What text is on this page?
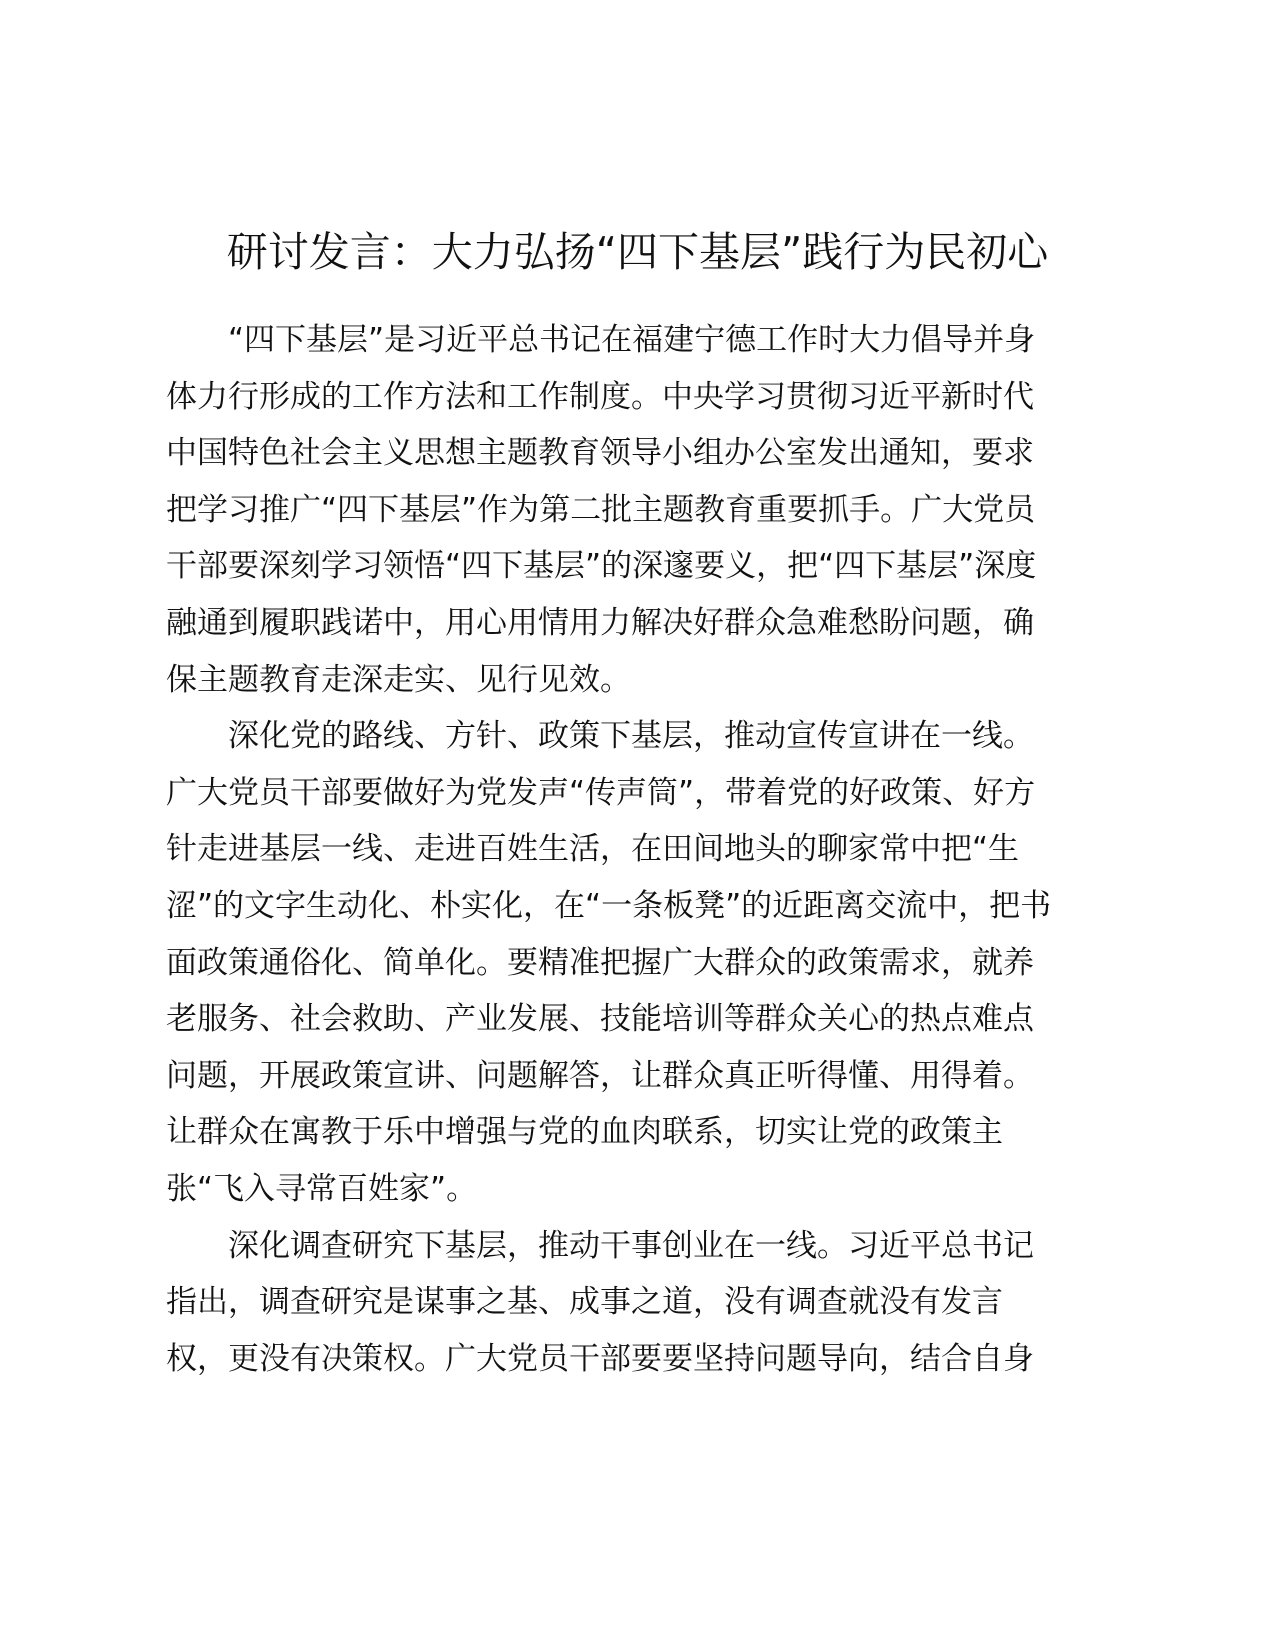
研讨发言：大力弘扬“四下基层”践行为民初心

“四下基层”是习近平总书记在福建宁德工作时大力倡导并身
体力行形成的工作方法和工作制度。中央学习贯彻习近平新时代
中国特色社会主义思想主题教育领导小组办公室发出通知，要求
把学习推广“四下基层”作为第二批主题教育重要抓手。广大党员
干部要深刻学习领悟“四下基层”的深邃要义，把“四下基层”深度
融通到履职践诺中，用心用情用力解决好群众急难愁盼问题，确
保主题教育走深走实、见行见效。

深化党的路线、方针、政策下基层，推动宣传宣讲在一线。
广大党员干部要做好为党发声“传声筒”，带着党的好政策、好方
针走进基层一线、走进百姓生活，在田间地头的聊家常中把“生
涩”的文字生动化、朴实化，在“一条板凳”的近距离交流中，把书
面政策通俗化、简单化。要精准把握广大群众的政策需求，就养
老服务、社会救助、产业发展、技能培训等群众关心的热点难点
问题，开展政策宣讲、问题解答，让群众真正听得懂、用得着。
让群众在寓教于乐中增强与党的血肉联系，切实让党的政策主
张“飞入寻常百姓家”。

深化调查研究下基层，推动干事创业在一线。习近平总书记
指出，调查研究是谋事之基、成事之道，没有调查就没有发言
权，更没有决策权。广大党员干部要要坚持问题导向，结合自身
